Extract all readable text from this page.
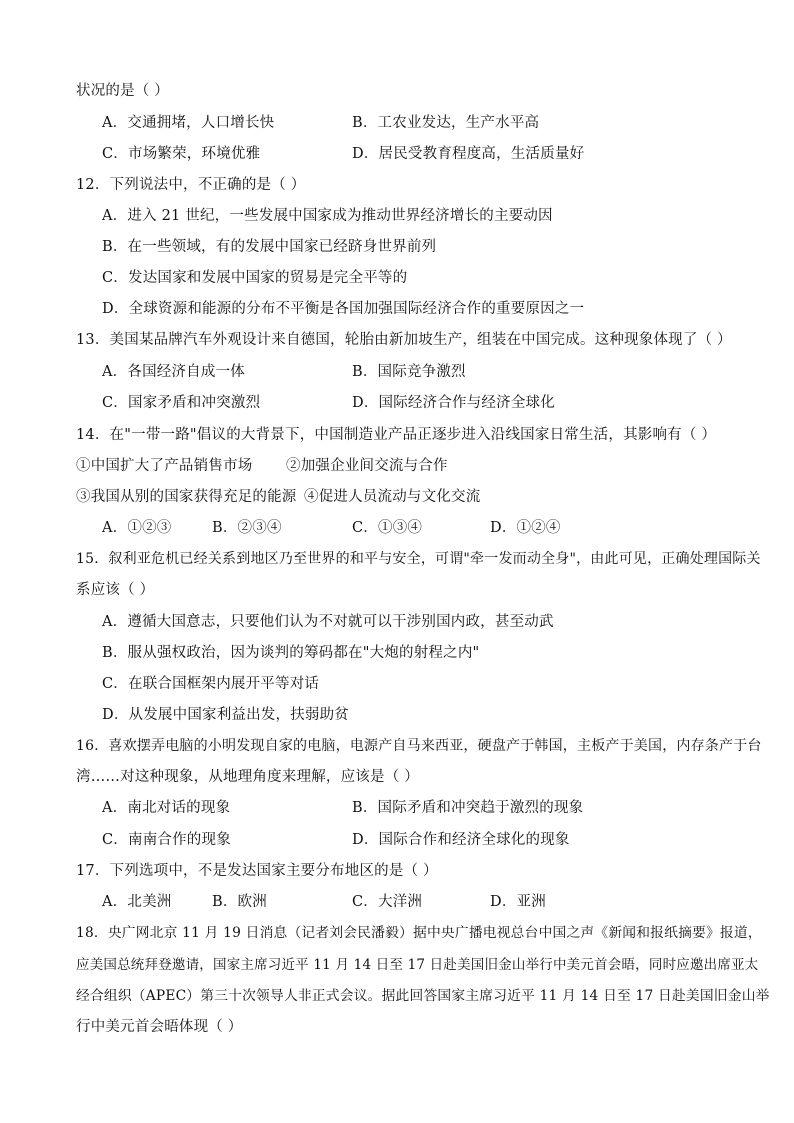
状况的是（ ）
A．交通拥堵，人口增长快	B．工农业发达，生产水平高
C．市场繁荣，环境优雅	D．居民受教育程度高，生活质量好
12．下列说法中，不正确的是（ ）
A．进入 21 世纪，一些发展中国家成为推动世界经济增长的主要动因
B．在一些领域，有的发展中国家已经跻身世界前列
C．发达国家和发展中国家的贸易是完全平等的
D．全球资源和能源的分布不平衡是各国加强国际经济合作的重要原因之一
13．美国某品牌汽车外观设计来自德国，轮胎由新加坡生产，组装在中国完成。这种现象体现了（ ）
A．各国经济自成一体	B．国际竞争激烈
C．国家矛盾和冲突激烈	D．国际经济合作与经济全球化
14．在"一带一路"倡议的大背景下，中国制造业产品正逐步进入沿线国家日常生活，其影响有（ ）
①中国扩大了产品销售市场 ②加强企业间交流与合作
③我国从别的国家获得充足的能源 ④促进人员流动与文化交流
A．①②③	B．②③④	C．①③④	D．①②④
15．叙利亚危机已经关系到地区乃至世界的和平与安全，可谓"牵一发而动全身"，由此可见，正确处理国际关
系应该（ ）
A．遵循大国意志，只要他们认为不对就可以干涉别国内政，甚至动武
B．服从强权政治，因为谈判的筹码都在"大炮的射程之内"
C．在联合国框架内展开平等对话
D．从发展中国家利益出发，扶弱助贫
16．喜欢摆弄电脑的小明发现自家的电脑，电源产自马来西亚，硬盘产于韩国，主板产于美国，内存条产于台
湾……对这种现象，从地理角度来理解，应该是（ ）
A．南北对话的现象	B．国际矛盾和冲突趋于激烈的现象
C．南南合作的现象	D．国际合作和经济全球化的现象
17．下列选项中，不是发达国家主要分布地区的是（ ）
A．北美洲	B．欧洲	C．大洋洲	D．亚洲
18．央广网北京 11 月 19 日消息（记者刘会民潘毅）据中央广播电视总台中国之声《新闻和报纸摘要》报道，
应美国总统拜登邀请，国家主席习近平 11 月 14 日至 17 日赴美国旧金山举行中美元首会晤，同时应邀出席亚太
经合组织（APEC）第三十次领导人非正式会议。据此回答国家主席习近平 11 月 14 日至 17 日赴美国旧金山举
行中美元首会晤体现（ ）
